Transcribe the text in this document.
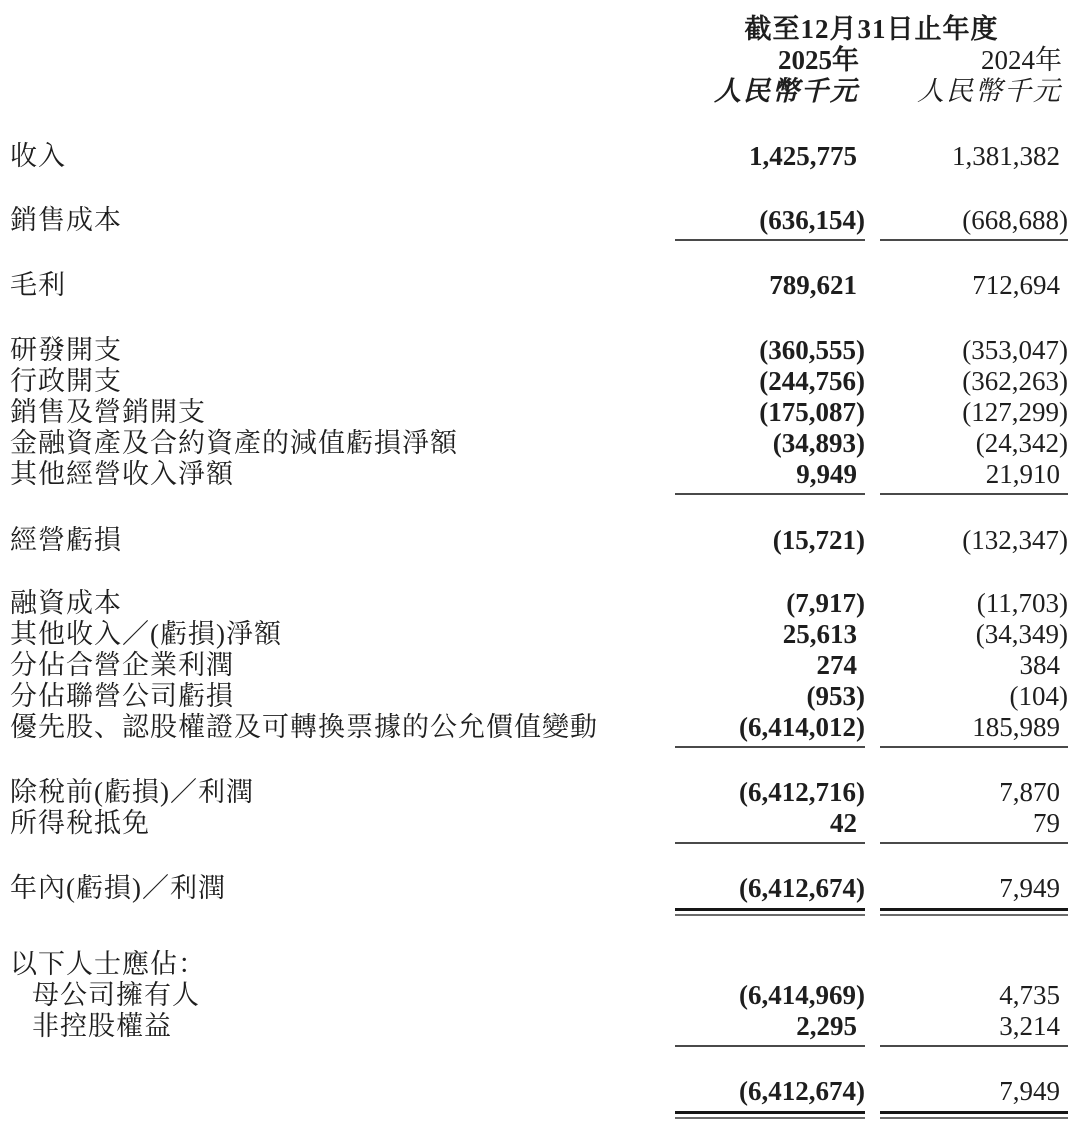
截至12月31日止年度
2025年	2024年
人民幣千元	人民幣千元
收入	1,425,775	1,381,382
銷售成本	(636,154)	(668,688)
毛利	789,621	712,694
研發開支	(360,555)	(353,047)
行政開支	(244,756)	(362,263)
銷售及營銷開支	(175,087)	(127,299)
金融資產及合約資產的減值虧損淨額	(34,893)	(24,342)
其他經營收入淨額	9,949	21,910
經營虧損	(15,721)	(132,347)
融資成本	(7,917)	(11,703)
其他收入／(虧損)淨額	25,613	(34,349)
分佔合營企業利潤	274	384
分佔聯營公司虧損	(953)	(104)
優先股、認股權證及可轉換票據的公允價值變動	(6,414,012)	185,989
除稅前(虧損)／利潤	(6,412,716)	7,870
所得稅抵免	42	79
年內(虧損)／利潤	(6,412,674)	7,949
以下人士應佔：
母公司擁有人	(6,414,969)	4,735
非控股權益	2,295	3,214
(6,412,674)	7,949
